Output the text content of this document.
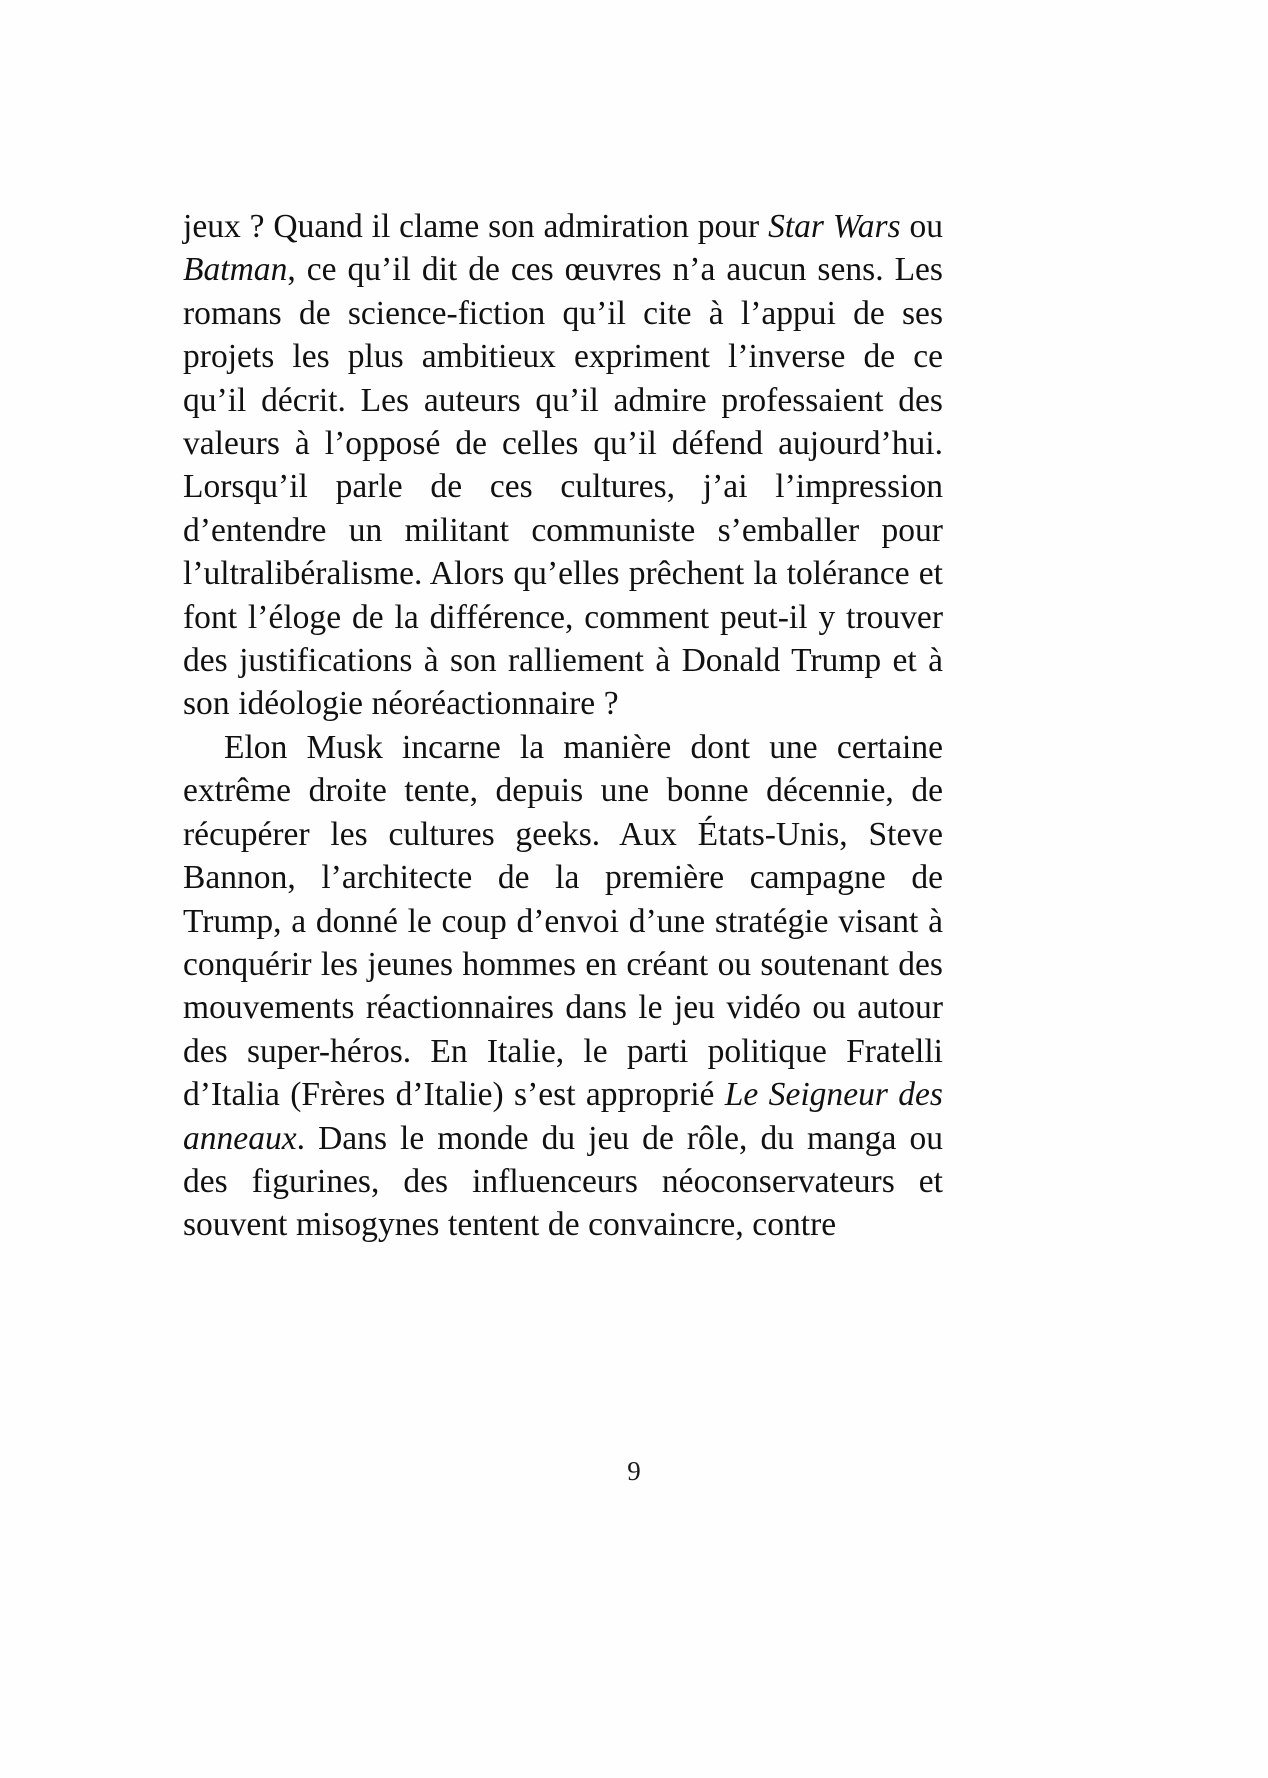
jeux ? Quand il clame son admiration pour Star Wars ou Batman, ce qu’il dit de ces œuvres n’a aucun sens. Les romans de science-fiction qu’il cite à l’appui de ses projets les plus ambitieux expriment l’inverse de ce qu’il décrit. Les auteurs qu’il admire professaient des valeurs à l’opposé de celles qu’il défend aujourd’hui. Lorsqu’il parle de ces cultures, j’ai l’impression d’entendre un militant communiste s’emballer pour l’ultralibéralisme. Alors qu’elles prêchent la tolérance et font l’éloge de la différence, comment peut-il y trouver des justifications à son ralliement à Donald Trump et à son idéologie néoréactionnaire ?

Elon Musk incarne la manière dont une certaine extrême droite tente, depuis une bonne décennie, de récupérer les cultures geeks. Aux États-Unis, Steve Bannon, l’architecte de la première campagne de Trump, a donné le coup d’envoi d’une stratégie visant à conquérir les jeunes hommes en créant ou soutenant des mouvements réactionnaires dans le jeu vidéo ou autour des super-héros. En Italie, le parti politique Fratelli d’Italia (Frères d’Italie) s’est approprié Le Seigneur des anneaux. Dans le monde du jeu de rôle, du manga ou des figurines, des influenceurs néoconservateurs et souvent misogynes tentent de convaincre, contre

9
